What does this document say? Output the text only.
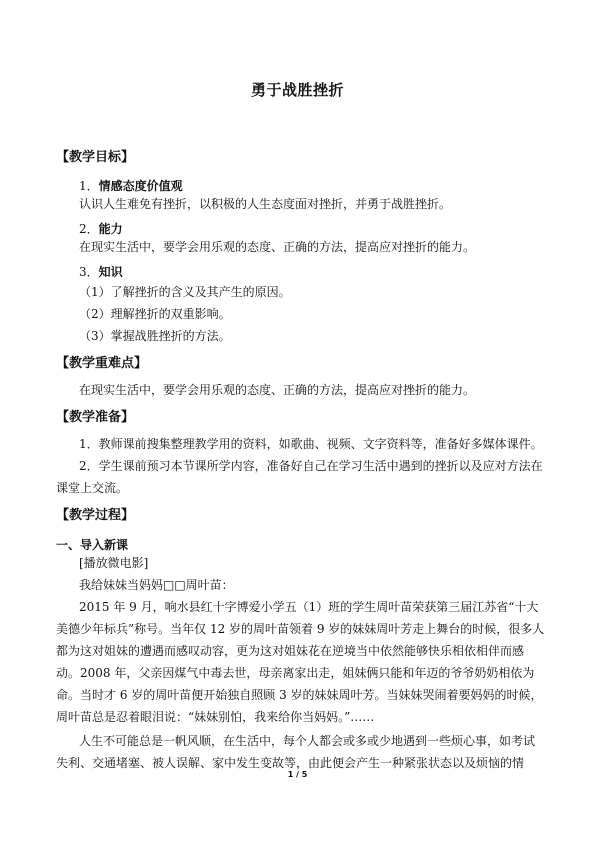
勇于战胜挫折
【教学目标】
1．情感态度价值观
认识人生难免有挫折，以积极的人生态度面对挫折，并勇于战胜挫折。
2．能力
在现实生活中，要学会用乐观的态度、正确的方法，提高应对挫折的能力。
3．知识
（1）了解挫折的含义及其产生的原因。
（2）理解挫折的双重影响。
（3）掌握战胜挫折的方法。
【教学重难点】
在现实生活中，要学会用乐观的态度、正确的方法，提高应对挫折的能力。
【教学准备】
1．教师课前搜集整理教学用的资料，如歌曲、视频、文字资料等，准备好多媒体课件。
2．学生课前预习本节课所学内容，准备好自己在学习生活中遇到的挫折以及应对方法在
课堂上交流。
【教学过程】
一、导入新课
[播放微电影]
我给妹妹当妈妈□□周叶苗：
2015 年 9 月，响水县红十字博爱小学五（1）班的学生周叶苗荣获第三届江苏省“十大
美德少年标兵”称号。当年仅 12 岁的周叶苗领着 9 岁的妹妹周叶芳走上舞台的时候，很多人
都为这对姐妹的遭遇而感叹动容，更为这对姐妹花在逆境当中依然能够快乐相依相伴而感
动。2008 年，父亲因煤气中毒去世，母亲离家出走，姐妹俩只能和年迈的爷爷奶奶相依为
命。当时才 6 岁的周叶苗便开始独自照顾 3 岁的妹妹周叶芳。当妹妹哭闹着要妈妈的时候，
周叶苗总是忍着眼泪说：“妹妹别怕，我来给你当妈妈。”……
人生不可能总是一帆风顺，在生活中，每个人都会或多或少地遇到一些烦心事，如考试
失利、交通堵塞、被人误解、家中发生变故等，由此便会产生一种紧张状态以及烦恼的情
1 / 5
